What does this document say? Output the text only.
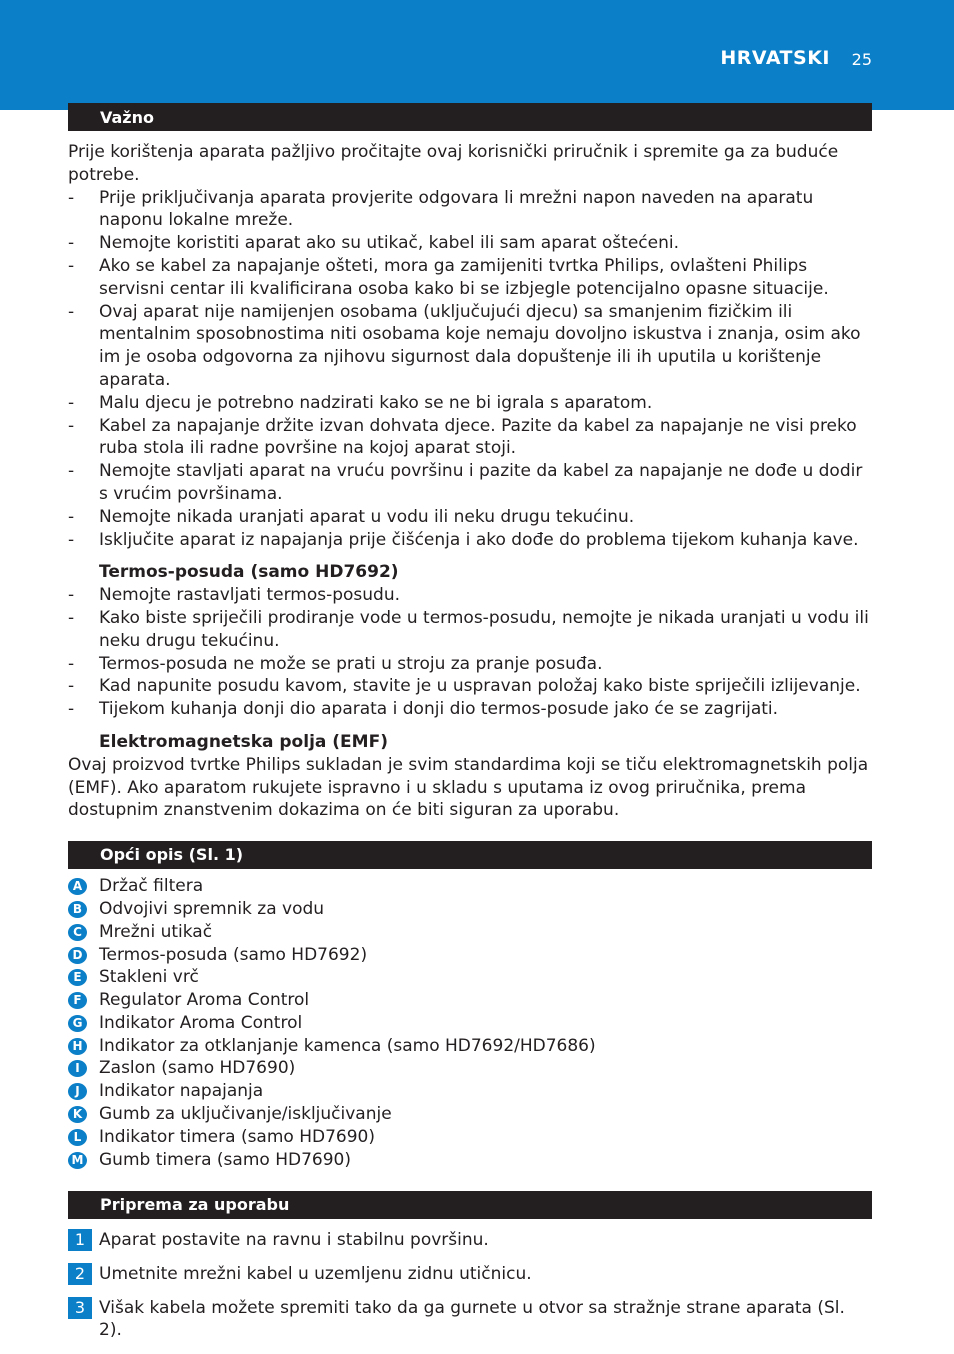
HRVATSKI 25
Važno

Prije korištenja aparata pažljivo pročitajte ovaj korisnički priručnik i spremite ga za buduće potrebe.

- Prije priključivanja aparata provjerite odgovara li mrežni napon naveden na aparatu naponu lokalne mreže.
- Nemojte koristiti aparat ako su utikač, kabel ili sam aparat oštećeni.
- Ako se kabel za napajanje ošteti, mora ga zamijeniti tvrtka Philips, ovlašteni Philips servisni centar ili kvalificirana osoba kako bi se izbjegle potencijalno opasne situacije.
- Ovaj aparat nije namijenjen osobama (uključujući djecu) sa smanjenim fizičkim ili mentalnim sposobnostima niti osobama koje nemaju dovoljno iskustva i znanja, osim ako im je osoba odgovorna za njihovu sigurnost dala dopuštenje ili ih uputila u korištenje aparata.
- Malu djecu je potrebno nadzirati kako se ne bi igrala s aparatom.
- Kabel za napajanje držite izvan dohvata djece. Pazite da kabel za napajanje ne visi preko ruba stola ili radne površine na kojoj aparat stoji.
- Nemojte stavljati aparat na vruću površinu i pazite da kabel za napajanje ne dođe u dodir s vrućim površinama.
- Nemojte nikada uranjati aparat u vodu ili neku drugu tekućinu.
- Isključite aparat iz napajanja prije čišćenja i ako dođe do problema tijekom kuhanja kave.

Termos-posuda (samo HD7692)

- Nemojte rastavljati termos-posudu.
- Kako biste spriječili prodiranje vode u termos-posudu, nemojte je nikada uranjati u vodu ili neku drugu tekućinu.
- Termos-posuda ne može se prati u stroju za pranje posuđa.
- Kad napunite posudu kavom, stavite je u uspravan položaj kako biste spriječili izlijevanje.
- Tijekom kuhanja donji dio aparata i donji dio termos-posude jako će se zagrijati.

Elektromagnetska polja (EMF)

Ovaj proizvod tvrtke Philips sukladan je svim standardima koji se tiču elektromagnetskih polja (EMF). Ako aparatom rukujete ispravno i u skladu s uputama iz ovog priručnika, prema dostupnim znanstvenim dokazima on će biti siguran za uporabu.

Opći opis (Sl. 1)
A Držač filtera
B Odvojivi spremnik za vodu
C Mrežni utikač
D Termos-posuda (samo HD7692)
E	Stakleni vrč
F	Regulator Aroma Control
G Indikator Aroma Control
H Indikator za otklanjanje kamenca (samo HD7692/HD7686)
I	Zaslon (samo HD7690)
J	Indikator napajanja
K Gumb za uključivanje/isključivanje
L	Indikator timera (samo HD7690)
M Gumb timera (samo HD7690)
Priprema za uporabu
1 Aparat postavite na ravnu i stabilnu površinu.
2 Umetnite mrežni kabel u uzemljenu zidnu utičnicu.
3 Višak kabela možete spremiti tako da ga gurnete u otvor sa stražnje strane aparata (Sl. 2).
